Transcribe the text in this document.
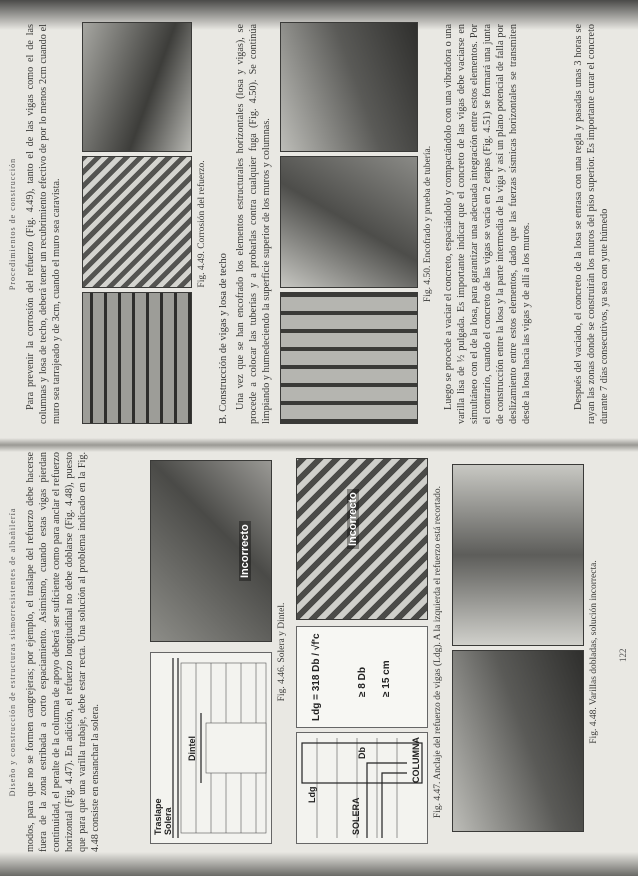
Diseño y construcción de estructuras sismorresistentes de albañilería modos, para que no se formen cangrejeras; por ejemplo, el traslape del refuerzo debe hacerse fuera de la zona estribada a corto espaciamiento. Asimismo, cuando estas vigas pierdan continuidad, el peralte de la columna de apoyo deberá ser suficiente como para anclar el refuerzo horizontal (Fig. 4.47). En adición, el refuerzo longitudinal no debe doblarse (Fig. 4.48), puesto que para que una varilla trabaje, debe estar recta. Una solución al problema indicado en la Fig. 4.48 consiste en ensanchar la solera.	Traslape Solera
Dintel
Incorrecto
Fig. 4.46. Solera y Dintel.
Ldg
Db
SOLERA
COLUMNA
Ldg = 318 Db / √f'c	≥ 8 Db ≥ 15 cm
Incorrecto	Fig. 4.47. Anclaje del refuerzo de vigas (Ldg). A la izquierda el refuerzo está recortado.	Fig. 4.48. Varillas dobladas, solución incorrecta. 122
Procedimientos de construcción Para prevenir la corrosión del refuerzo (Fig. 4.49), tanto el de las vigas como el de las columnas y losa de techo, deberá tener un recubrimiento efectivo de por lo menos 2cm cuando el muro sea tarrajeado y de 3cm, cuando el muro sea caravista.	Fig. 4.49. Corrosión del refuerzo.
B. Construcción de vigas y losa de techo Una vez que se han encofrado los elementos estructurales horizontales (losa y vigas), se procede a colocar las tuberías y a probarlas contra cualquier fuga (Fig. 4.50). Se continúa limpiando y humedeciendo la superficie superior de los muros y columnas.	Fig. 4.50. Encofrado y prueba de tubería. Luego se procede a vaciar el concreto, espaciándolo y compactándolo con una vibradora o una varilla lisa de ½ pulgada. Es importante indicar que el concreto de las vigas debe vaciarse en simultáneo con el de la losa, para garantizar una adecuada integración entre estos elementos. Por el contrario, cuando el concreto de las vigas se vacía en 2 etapas (Fig. 4.51) se formará una junta de construcción entre la losa y la parte intermedia de la viga y así un plano potencial de falla por deslizamiento entre estos elementos, dado que las fuerzas sísmicas horizontales se transmiten desde la losa hacia las vigas y de allí a los muros.	Después del vaciado, el concreto de la losa se enrasa con una regla y pasadas unas 3 horas se rayan las zonas donde se construirán los muros del piso superior. Es importante curar el concreto durante 7 días consecutivos, ya sea con yute húmedo
